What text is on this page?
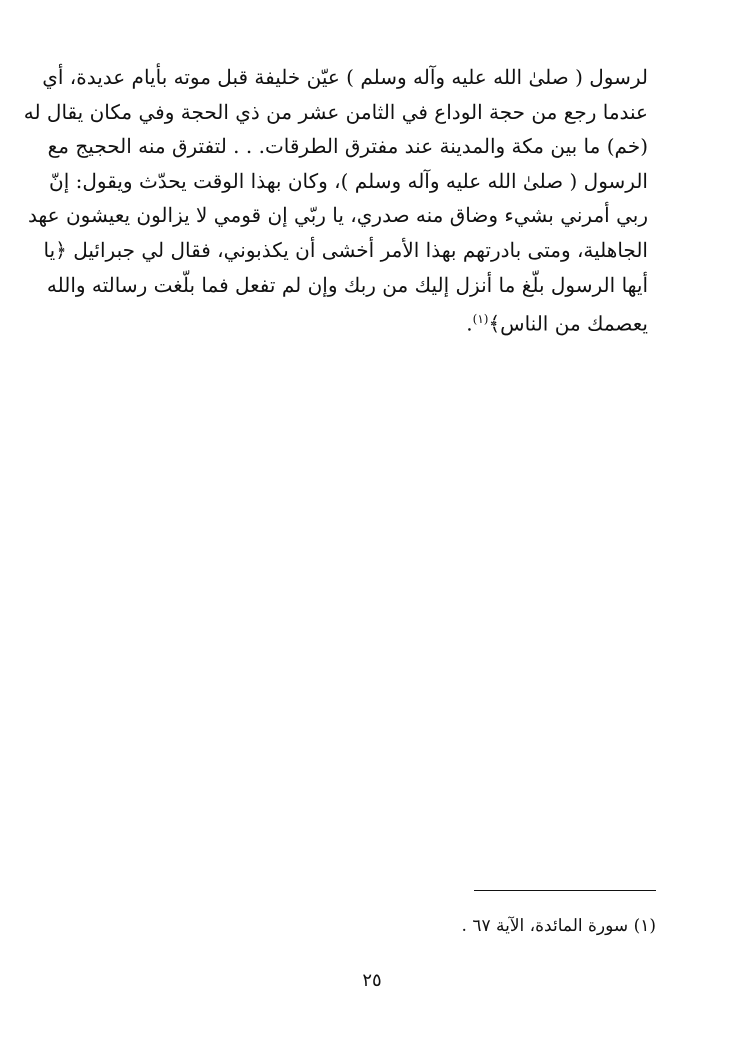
لرسول ( صلىٰ الله عليه وآله وسلم ) عيّن خليفة قبل موته بأيام عديدة، أي
عندما رجع من حجة الوداع في الثامن عشر من ذي الحجة وفي مكان يقال له
(خم) ما بين مكة والمدينة عند مفترق الطرقات. . . لتفترق منه الحجيج مع
الرسول ( صلىٰ الله عليه وآله وسلم )، وكان بهذا الوقت يحدّث ويقول: إنّ
ربي أمرني بشيء وضاق منه صدري، يا ربّي إن قومي لا يزالون يعيشون عهد
الجاهلية، ومتى بادرتهم بهذا الأمر أخشى أن يكذبوني، فقال لي جبرائيل ﴿يا
أيها الرسول بلّغ ما أنزل إليك من ربك وإن لم تفعل فما بلّغت رسالته والله
يعصمك من الناس﴾$^{(١)}$.
(١) سورة المائدة، الآية ٦٧ .
٢٥
